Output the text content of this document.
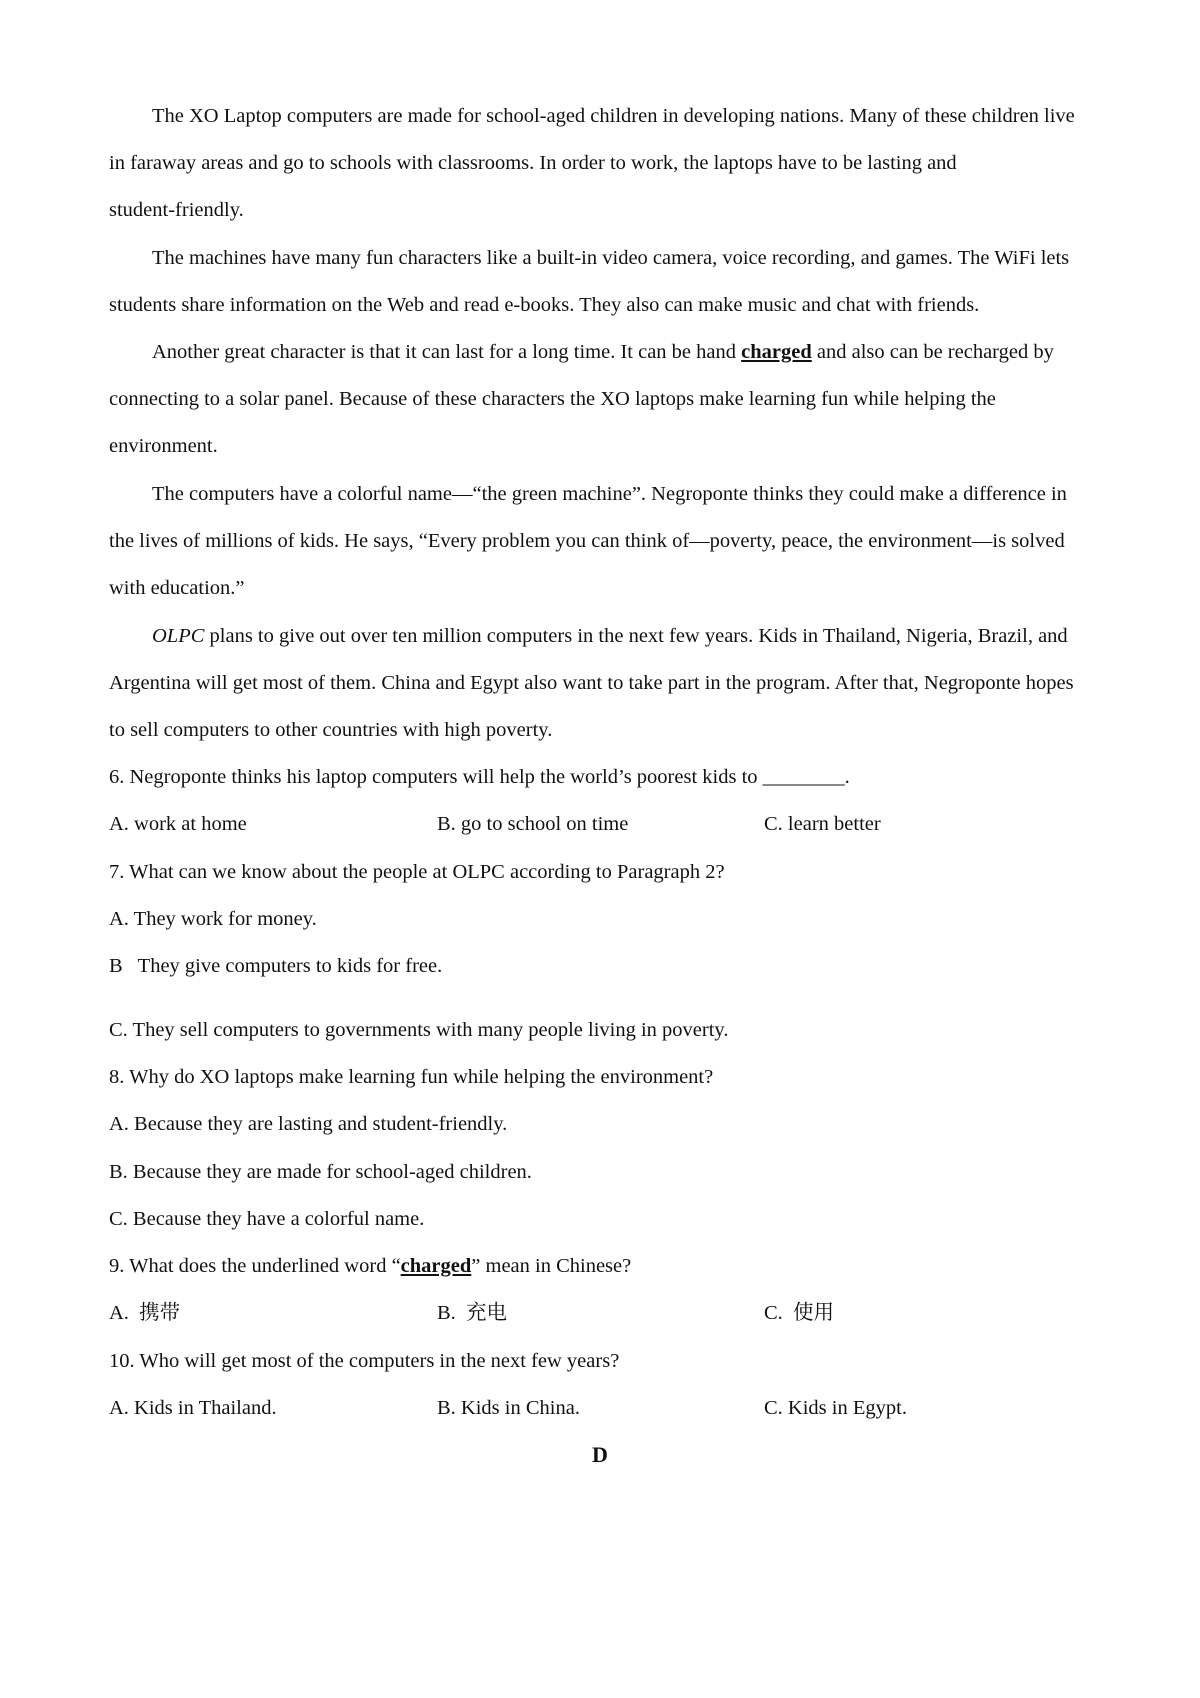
The XO Laptop computers are made for school-aged children in developing nations. Many of these children live
in faraway areas and go to schools with classrooms. In order to work, the laptops have to be lasting and
student-friendly.
The machines have many fun characters like a built-in video camera, voice recording, and games. The WiFi lets
students share information on the Web and read e-books. They also can make music and chat with friends.
Another great character is that it can last for a long time. It can be hand charged and also can be recharged by
connecting to a solar panel. Because of these characters the XO laptops make learning fun while helping the
environment.
The computers have a colorful name—“the green machine”. Negroponte thinks they could make a difference in
the lives of millions of kids. He says, “Every problem you can think of—poverty, peace, the environment—is solved
with education.”
OLPC plans to give out over ten million computers in the next few years. Kids in Thailand, Nigeria, Brazil, and
Argentina will get most of them. China and Egypt also want to take part in the program. After that, Negroponte hopes
to sell computers to other countries with high poverty.
6. Negroponte thinks his laptop computers will help the world’s poorest kids to ________.
A. work at home	B. go to school on time	C. learn better
7. What can we know about the people at OLPC according to Paragraph 2?
A. They work for money.
B   They give computers to kids for free.
C. They sell computers to governments with many people living in poverty.
8. Why do XO laptops make learning fun while helping the environment?
A. Because they are lasting and student-friendly.
B. Because they are made for school-aged children.
C. Because they have a colorful name.
9. What does the underlined word “charged” mean in Chinese?
A.  携带	B.  充电	C.  使用
10. Who will get most of the computers in the next few years?
A. Kids in Thailand.	B. Kids in China.	C. Kids in Egypt.
D
